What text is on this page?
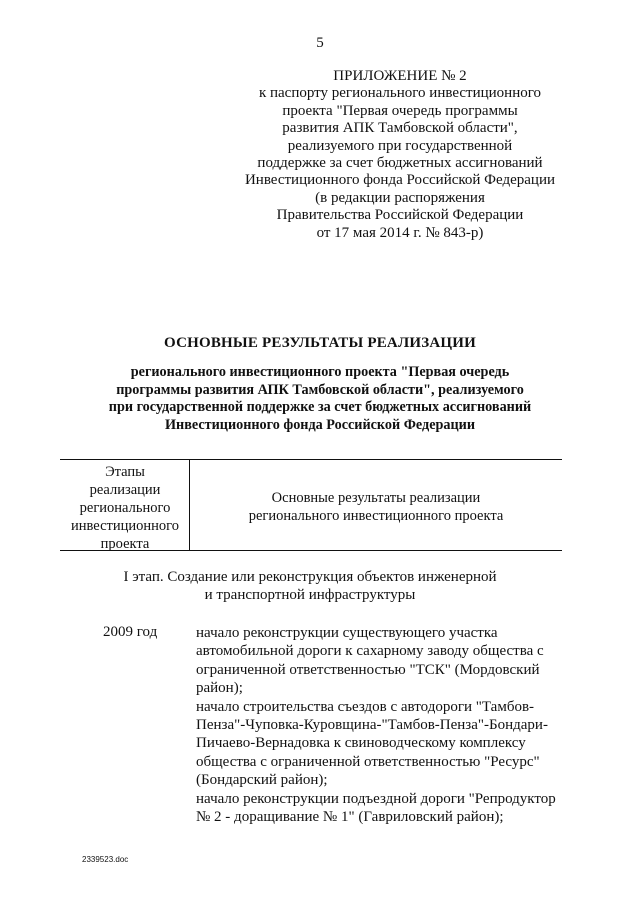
5
ПРИЛОЖЕНИЕ № 2
к паспорту регионального инвестиционного
проекта "Первая очередь программы
развития АПК Тамбовской области",
реализуемого при государственной
поддержке за счет бюджетных ассигнований
Инвестиционного фонда Российской Федерации
(в редакции распоряжения
Правительства Российской Федерации
от 17 мая 2014 г. № 843-р)
ОСНОВНЫЕ РЕЗУЛЬТАТЫ РЕАЛИЗАЦИИ
регионального инвестиционного проекта "Первая очередь
программы развития АПК Тамбовской области", реализуемого
при государственной поддержке за счет бюджетных ассигнований
Инвестиционного фонда Российской Федерации
Этапы
реализации
регионального
инвестиционного
проекта
Основные результаты реализации
регионального инвестиционного проекта
I этап. Создание или реконструкция объектов инженерной
и транспортной инфраструктуры
2009 год	начало реконструкции существующего участка
автомобильной дороги к сахарному заводу общества с
ограниченной ответственностью "ТСК" (Мордовский
район);
начало строительства съездов с автодороги "Тамбов-
Пенза"-Чуповка-Куровщина-"Тамбов-Пенза"-Бондари-
Пичаево-Вернадовка к свиноводческому комплексу
общества с ограниченной ответственностью "Ресурс"
(Бондарский район);
начало реконструкции подъездной дороги "Репродуктор
№ 2 - доращивание № 1" (Гавриловский район);
2339523.doc
